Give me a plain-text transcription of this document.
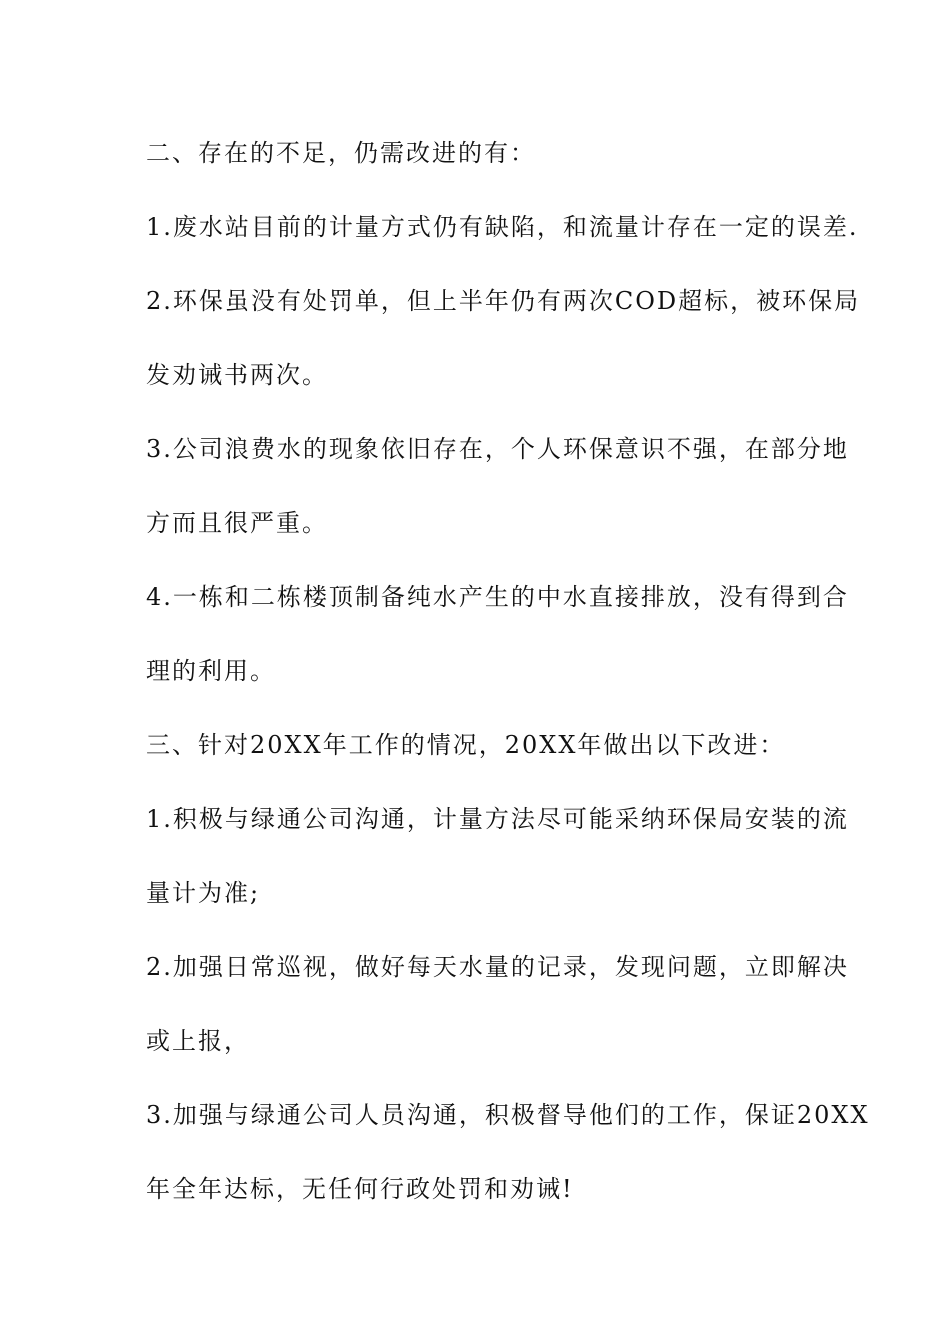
二、存在的不足，仍需改进的有：
1.废水站目前的计量方式仍有缺陷，和流量计存在一定的误差.
2.环保虽没有处罚单，但上半年仍有两次COD超标，被环保局
发劝诫书两次。
3.公司浪费水的现象依旧存在，个人环保意识不强，在部分地
方而且很严重。
4.一栋和二栋楼顶制备纯水产生的中水直接排放，没有得到合
理的利用。
三、针对20XX年工作的情况，20XX年做出以下改进：
1.积极与绿通公司沟通，计量方法尽可能采纳环保局安装的流
量计为准;
2.加强日常巡视，做好每天水量的记录，发现问题，立即解决
或上报，
3.加强与绿通公司人员沟通，积极督导他们的工作，保证20XX
年全年达标，无任何行政处罚和劝诫!
